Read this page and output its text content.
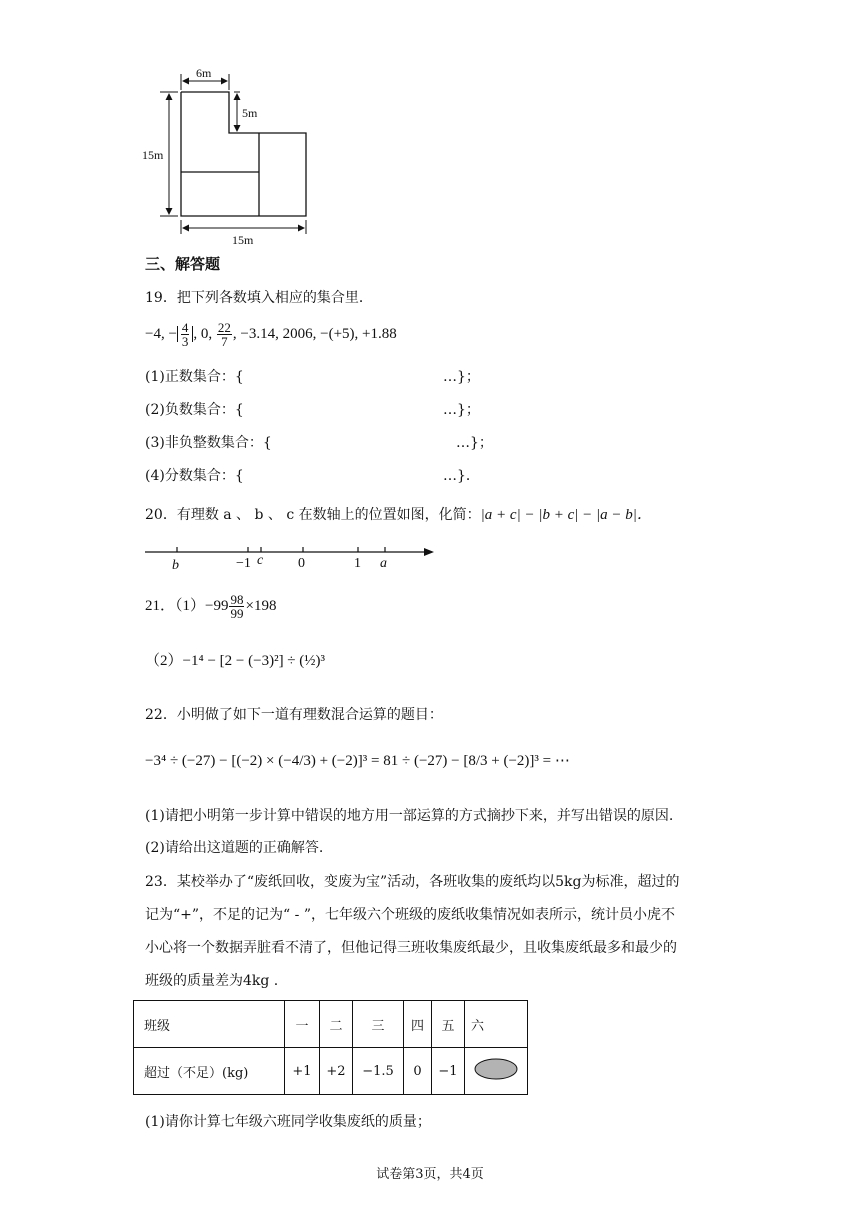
6m
5m
15m
15m
三、解答题
19．把下列各数填入相应的集合里．
−4, − $\frac{4}{3}$ , 0, $\frac{22}{7}$ , −3.14, 2006, −(+5), +1.88
(1)正数集合：{	…}；
(2)负数集合：{	…}；
(3)非负整数集合：{	…}；
(4)分数集合：{	…}．
20．有理数 a 、 b 、 c 在数轴上的位置如图，化简：|a + c| − |b + c| − |a − b|．
b	−1 c 0	1 a
21．$(1)-99 \frac{98}{99} \times 198$
（2）−1⁴ − [2 − (−3)²] ÷ (½)³
22．小明做了如下一道有理数混合运算的题目：
−3⁴ ÷ (−27) − [(−2) × (−4/3) + (−2)]³ = 81 ÷ (−27) − [8/3 + (−2)]³ = ⋯
(1)请把小明第一步计算中错误的地方用一部运算的方式摘抄下来，并写出错误的原因.
(2)请给出这道题的正确解答.
23．某校举办了“废纸回收，变废为宝”活动，各班收集的废纸均以5kg为标准，超过的
记为“+”，不足的记为“ - ”，七年级六个班级的废纸收集情况如表所示，统计员小虎不
小心将一个数据弄脏看不清了，但他记得三班收集废纸最少，且收集废纸最多和最少的
班级的质量差为4kg .
班级	一	二	三	四	五	六
超过（不足）(kg)	+1	+2	−1.5	0	−1	
(1)请你计算七年级六班同学收集废纸的质量；
试卷第3页，共4页
